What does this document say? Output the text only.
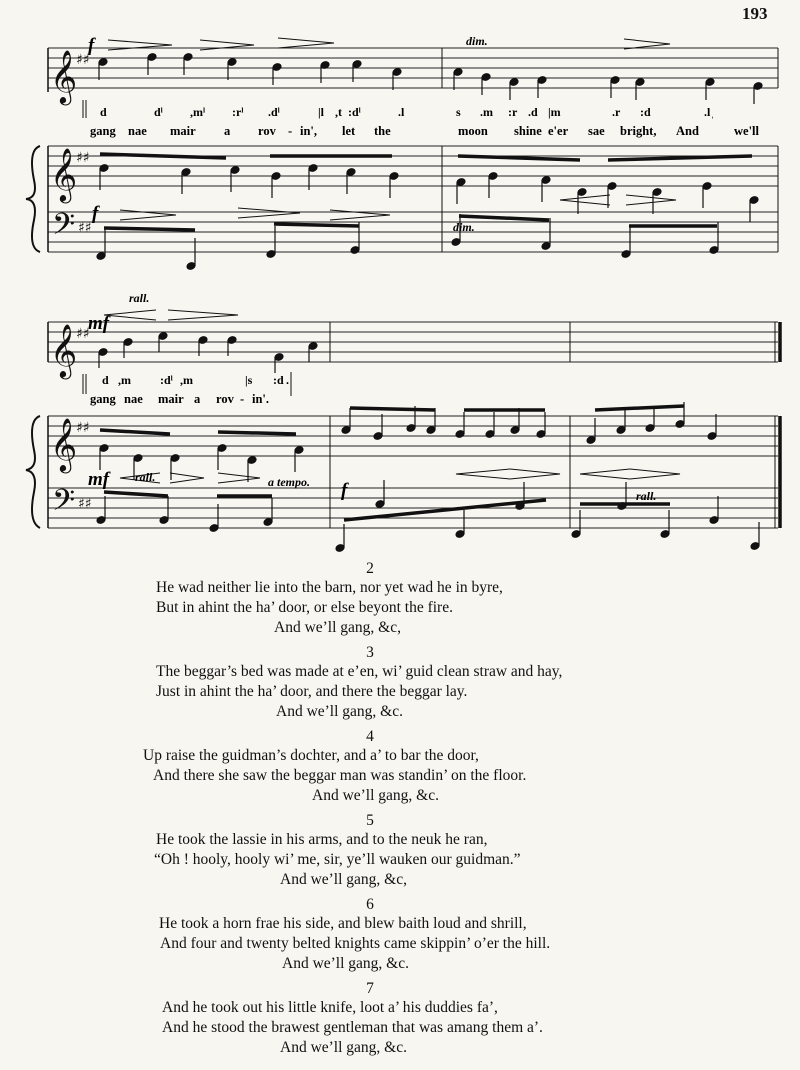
193
𝄞
♯♯
𝄞
♯♯
𝄢 ♯♯
𝄞
♯♯
𝄞
♯♯
𝄢 ♯♯
f	dim.
f
dim.
d	dˡ ,mˡ :rˡ .dˡ	|l ,t :dˡ	.l	s .m :r .d |m	.r :d	.lˌ
gang nae mair a rov - in', let the	moon shine e'er sae bright, And	we'll
mf
rall.
mf rall.	a tempo. f	rall.
d ,m :dˡ ,m	|s :d .
gang nae mair a rov - in'.
2
He wad neither lie into the barn, nor yet wad he in byre,
But in ahint the ha’ door, or else beyont the fire.
And we’ll gang, &c,
3
The beggar’s bed was made at e’en, wi’ guid clean straw and hay,
Just in ahint the ha’ door, and there the beggar lay.
And we’ll gang, &c.
4
Up raise the guidman’s dochter, and a’ to bar the door,
And there she saw the beggar man was standin’ on the floor.
And we’ll gang, &c.
5
He took the lassie in his arms, and to the neuk he ran,
“Oh ! hooly, hooly wi’ me, sir, ye’ll wauken our guidman.”
And we’ll gang, &c,
6
He took a horn frae his side, and blew baith loud and shrill,
And four and twenty belted knights came skippin’ o’er the hill.
And we’ll gang, &c.
7
And he took out his little knife, loot a’ his duddies fa’,
And he stood the brawest gentleman that was amang them a’.
And we’ll gang, &c.
